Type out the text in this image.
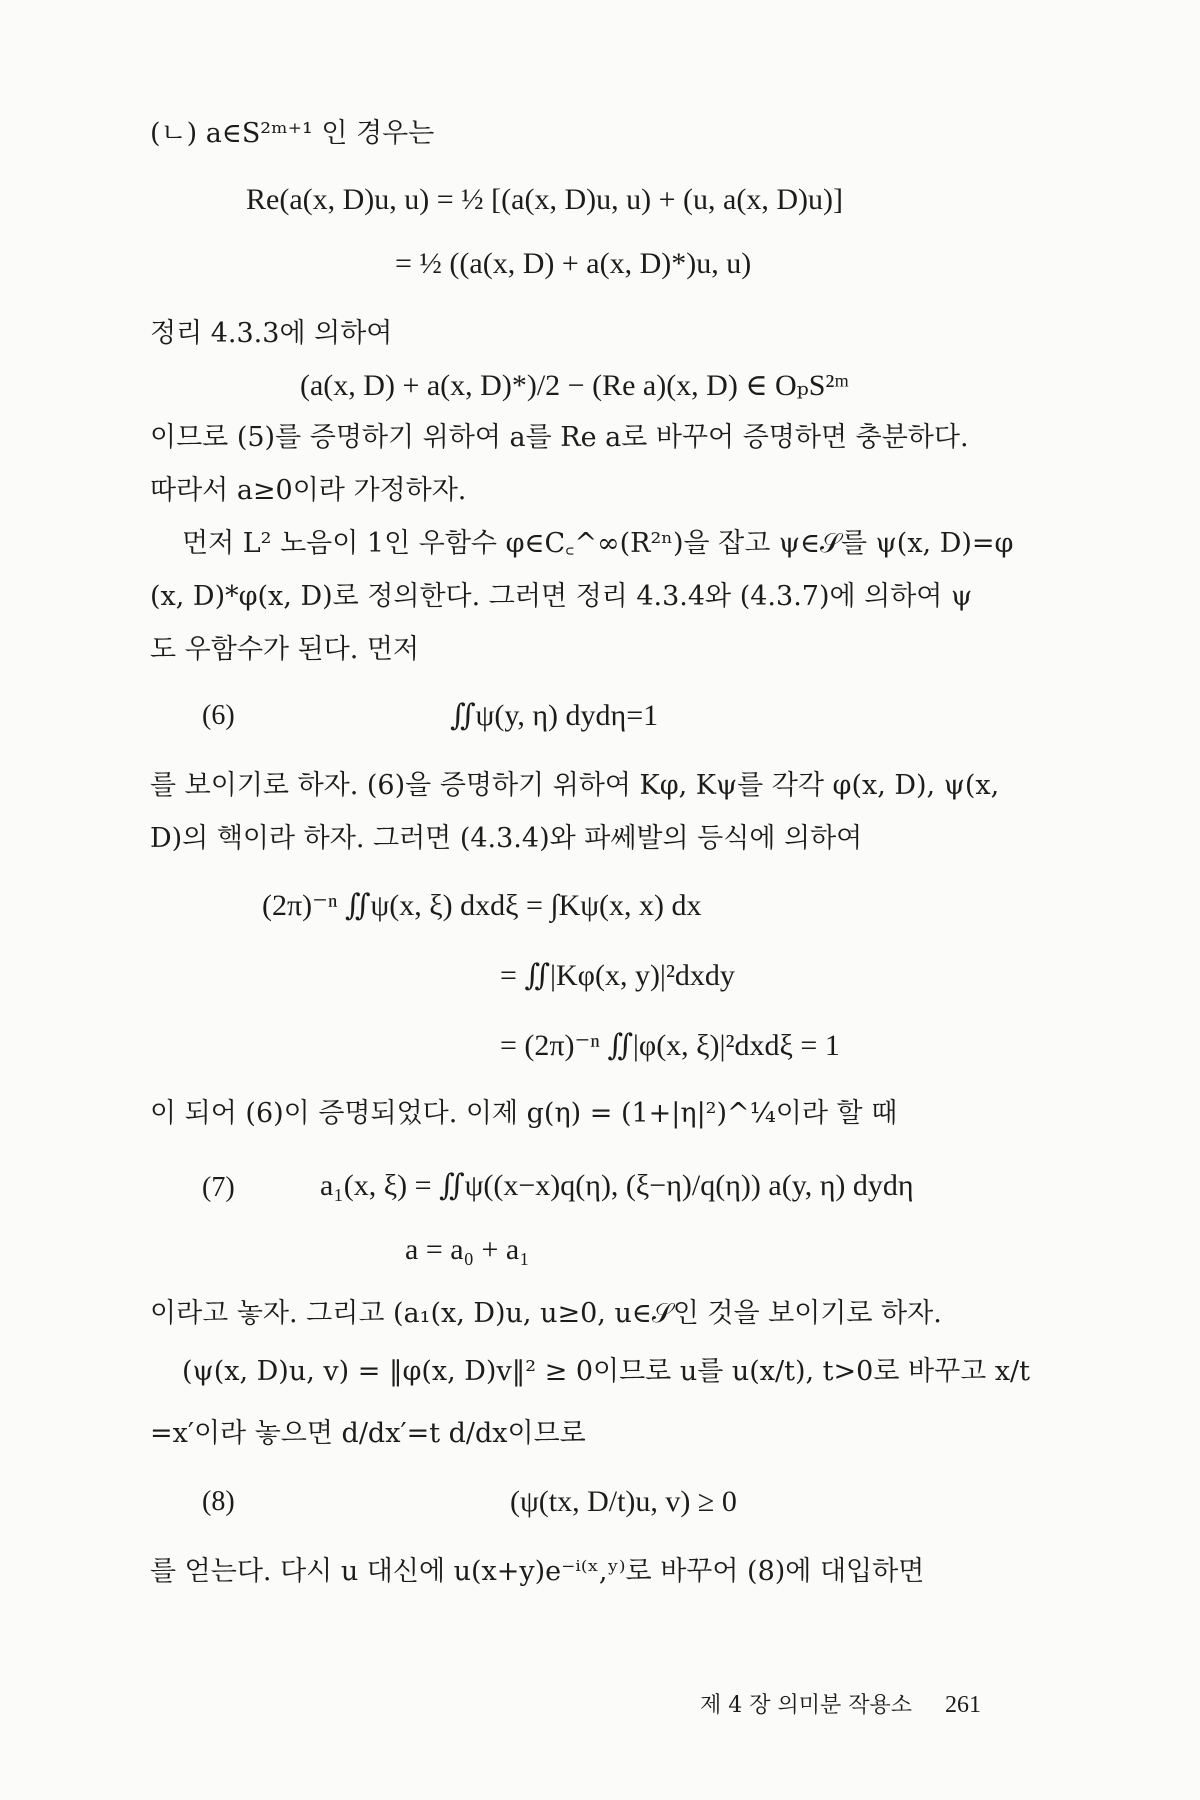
(ㄴ) a∈S²ᵐ⁺¹ 인 경우는
Re(a(x, D)u, u) = ½ [(a(x, D)u, u) + (u, a(x, D)u)]
= ½ ((a(x, D) + a(x, D)*)u, u)
정리 4.3.3에 의하여
(a(x, D) + a(x, D)*)/2 − (Re a)(x, D) ∈ OₚS²ᵐ
이므로 (5)를 증명하기 위하여 a를 Re a로 바꾸어 증명하면 충분하다.
따라서 a≥0이라 가정하자.
먼저 L² 노음이 1인 우함수 φ∈C꜀^∞(R²ⁿ)을 잡고 ψ∈𝒮를 ψ(x, D)=φ
(x, D)*φ(x, D)로 정의한다. 그러면 정리 4.3.4와 (4.3.7)에 의하여 ψ
도 우함수가 된다. 먼저
(6)	∬ψ(y, η) dydη=1
를 보이기로 하자. (6)을 증명하기 위하여 Kφ, Kψ를 각각 φ(x, D), ψ(x,
D)의 핵이라 하자. 그러면 (4.3.4)와 파쎄발의 등식에 의하여
(2π)⁻ⁿ ∬ψ(x, ξ) dxdξ = ∫Kψ(x, x) dx
= ∬|Kφ(x, y)|²dxdy
= (2π)⁻ⁿ ∬|φ(x, ξ)|²dxdξ = 1
이 되어 (6)이 증명되었다. 이제 g(η) = (1+|η|²)^¼이라 할 때
(7)	a₁(x, ξ) = ∬ψ((x−x)q(η), (ξ−η)/q(η)) a(y, η) dydη
a = a₀ + a₁
이라고 놓자. 그리고 (a₁(x, D)u, u≥0, u∈𝒮인 것을 보이기로 하자.
(ψ(x, D)u, v) = ‖φ(x, D)v‖² ≥ 0이므로 u를 u(x/t), t>0로 바꾸고 x/t
=x′이라 놓으면 d/dx′=t d/dx이므로
(8)	(ψ(tx, D/t)u, v) ≥ 0
를 얻는다. 다시 u 대신에 u(x+y)e⁻ⁱ⁽ˣ,ʸ⁾로 바꾸어 (8)에 대입하면
제 4 장 의미분 작용소 261
